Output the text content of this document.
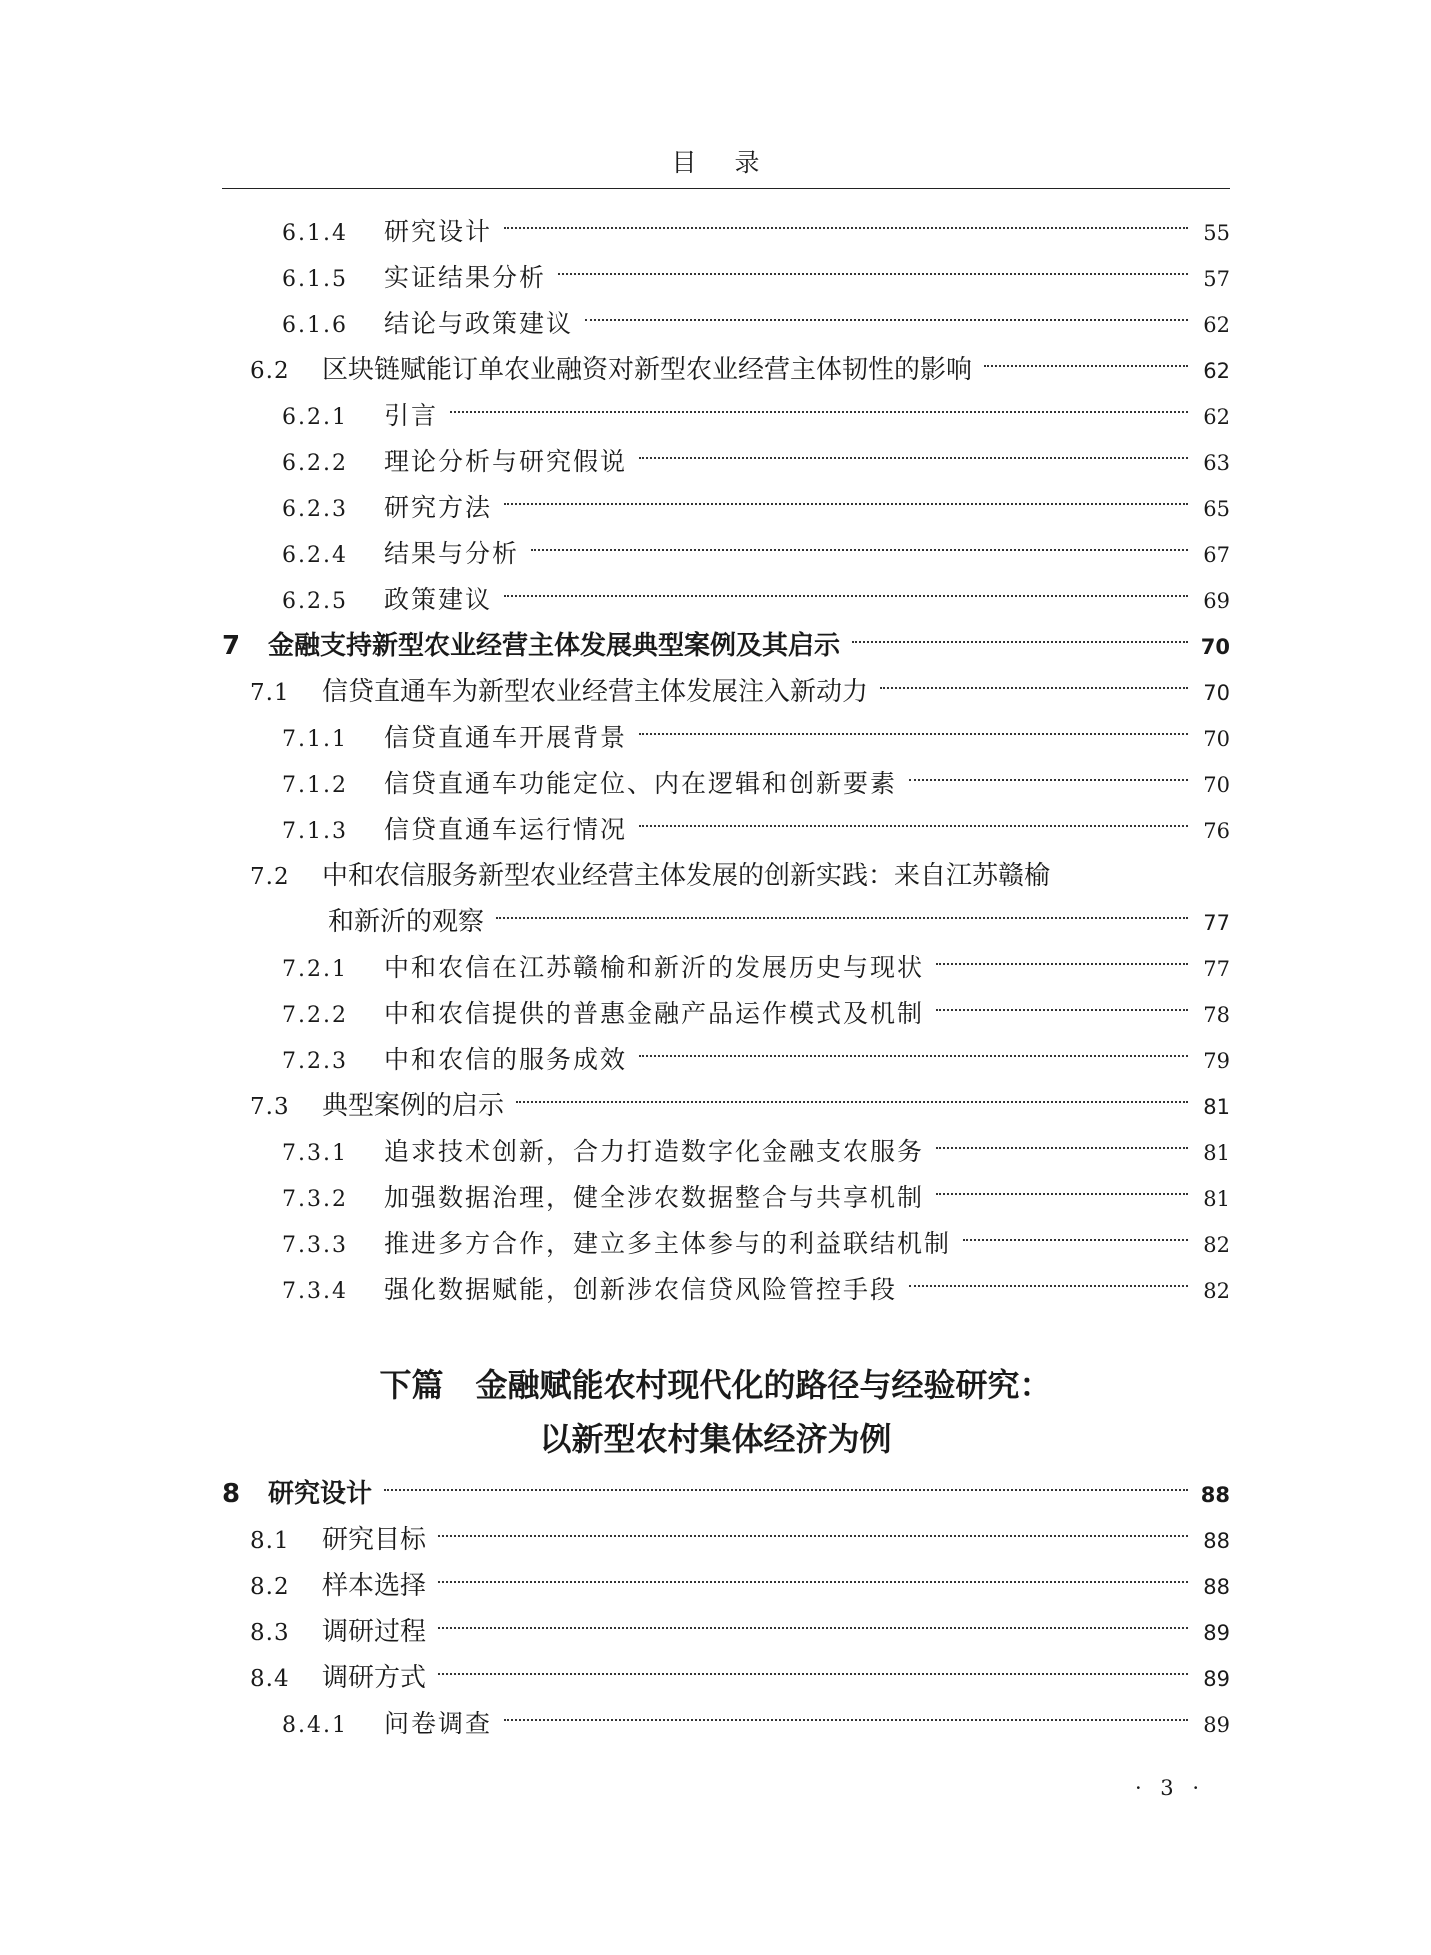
目录
6.1.4	研究设计	55
6.1.5	实证结果分析	57
6.1.6	结论与政策建议	62
6.2	区块链赋能订单农业融资对新型农业经营主体韧性的影响	62
6.2.1	引言	62
6.2.2	理论分析与研究假说	63
6.2.3	研究方法	65
6.2.4	结果与分析	67
6.2.5	政策建议	69
7	金融支持新型农业经营主体发展典型案例及其启示	70
7.1	信贷直通车为新型农业经营主体发展注入新动力	70
7.1.1	信贷直通车开展背景	70
7.1.2	信贷直通车功能定位、内在逻辑和创新要素	70
7.1.3	信贷直通车运行情况	76
7.2	中和农信服务新型农业经营主体发展的创新实践：来自江苏赣榆
和新沂的观察	77
7.2.1	中和农信在江苏赣榆和新沂的发展历史与现状	77
7.2.2	中和农信提供的普惠金融产品运作模式及机制	78
7.2.3	中和农信的服务成效	79
7.3	典型案例的启示	81
7.3.1	追求技术创新，合力打造数字化金融支农服务	81
7.3.2	加强数据治理，健全涉农数据整合与共享机制	81
7.3.3	推进多方合作，建立多主体参与的利益联结机制	82
7.3.4	强化数据赋能，创新涉农信贷风险管控手段	82
8	研究设计	88
8.1	研究目标	88
8.2	样本选择	88
8.3	调研过程	89
8.4	调研方式	89
8.4.1	问卷调查	89
下篇　金融赋能农村现代化的路径与经验研究：
以新型农村集体经济为例
· 3 ·
